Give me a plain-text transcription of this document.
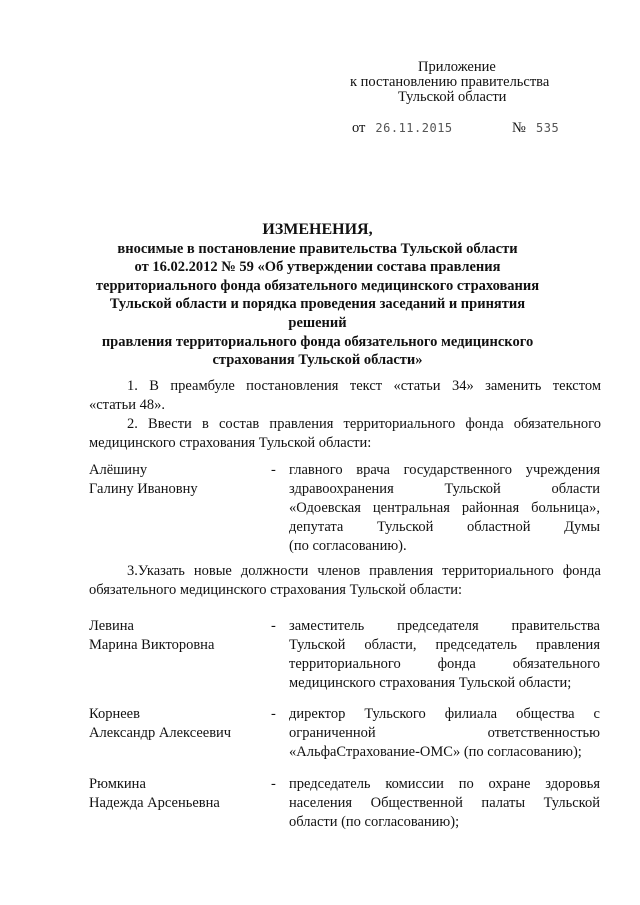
Приложение
к постановлению правительства
Тульской области
от 26.11.2015	№ 535
ИЗМЕНЕНИЯ,
вносимые в постановление правительства Тульской области
от 16.02.2012 № 59 «Об утверждении состава правления
территориального фонда обязательного медицинского страхования
Тульской области и порядка проведения заседаний и принятия решений
правления территориального фонда обязательного медицинского
страхования Тульской области»
1. В преамбуле постановления текст «статьи 34» заменить текстом
«статьи 48».
2. Ввести в состав правления территориального фонда обязательного
медицинского страхования Тульской области:
Алёшину
Галину Ивановну
- главного врача государственного учреждения
здравоохранения Тульской области
«Одоевская центральная районная больница»,
депутата Тульской областной Думы
(по согласованию).
3.Указать новые должности членов правления территориального фонда
обязательного медицинского страхования Тульской области:
Левина
Марина Викторовна
- заместитель председателя правительства
Тульской области, председатель правления
территориального фонда обязательного
медицинского страхования Тульской области;
Корнеев
Александр Алексеевич
- директор Тульского филиала общества с
ограниченной ответственностью
«АльфаСтрахование-ОМС» (по согласованию);
Рюмкина
Надежда Арсеньевна
- председатель комиссии по охране здоровья
населения Общественной палаты Тульской
области (по согласованию);
